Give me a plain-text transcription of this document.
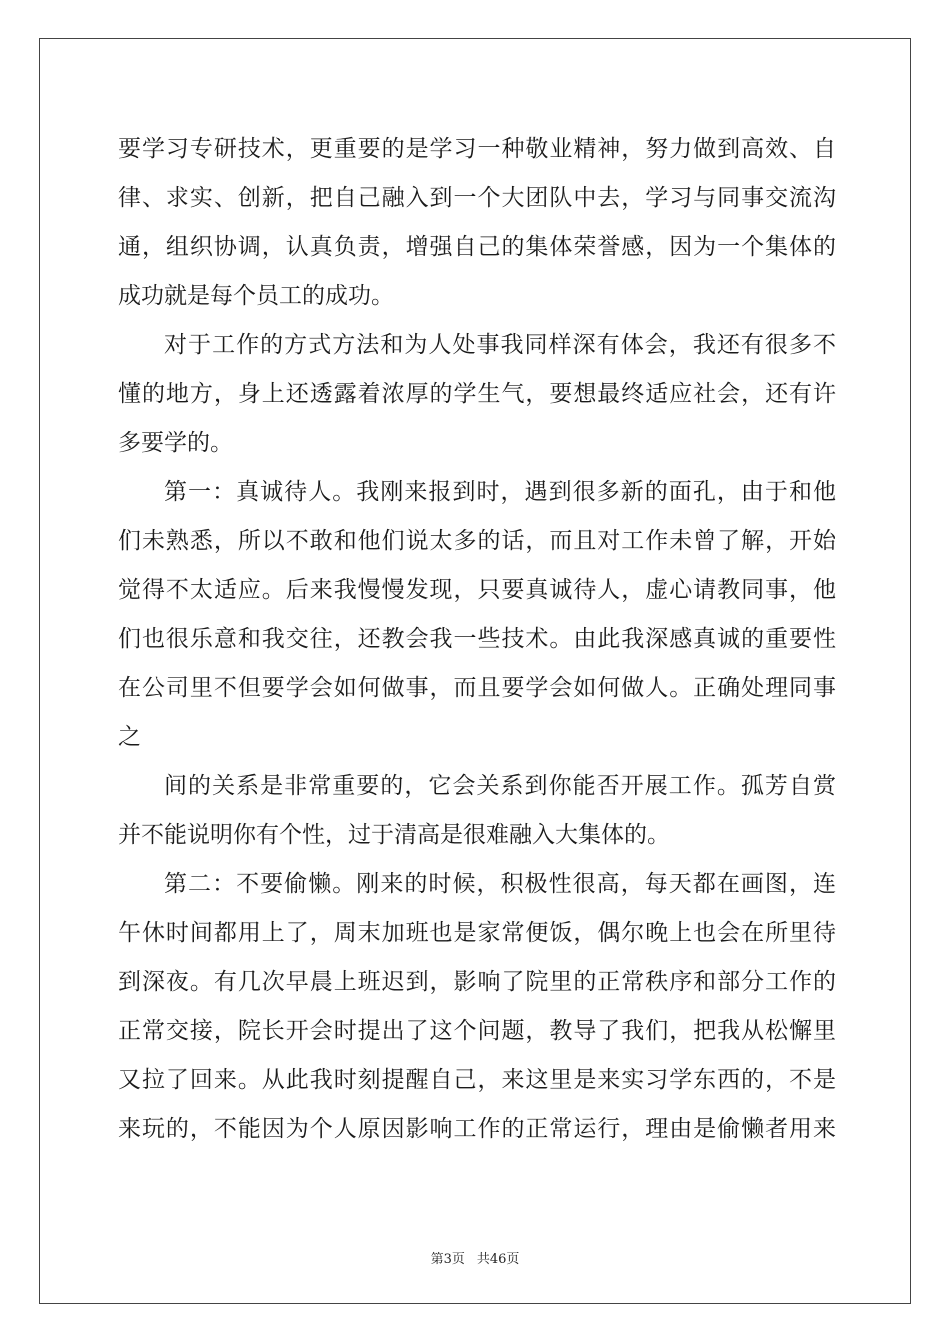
要学习专研技术，更重要的是学习一种敬业精神，努力做到高效、自
律、求实、创新，把自己融入到一个大团队中去，学习与同事交流沟
通，组织协调，认真负责，增强自己的集体荣誉感，因为一个集体的
成功就是每个员工的成功。
对于工作的方式方法和为人处事我同样深有体会，我还有很多不
懂的地方，身上还透露着浓厚的学生气，要想最终适应社会，还有许
多要学的。
第一：真诚待人。我刚来报到时，遇到很多新的面孔，由于和他
们未熟悉，所以不敢和他们说太多的话，而且对工作未曾了解，开始
觉得不太适应。后来我慢慢发现，只要真诚待人，虚心请教同事，他
们也很乐意和我交往，还教会我一些技术。由此我深感真诚的重要性
在公司里不但要学会如何做事，而且要学会如何做人。正确处理同事
之
间的关系是非常重要的，它会关系到你能否开展工作。孤芳自赏
并不能说明你有个性，过于清高是很难融入大集体的。
第二：不要偷懒。刚来的时候，积极性很高，每天都在画图，连
午休时间都用上了，周末加班也是家常便饭，偶尔晚上也会在所里待
到深夜。有几次早晨上班迟到，影响了院里的正常秩序和部分工作的
正常交接，院长开会时提出了这个问题，教导了我们，把我从松懈里
又拉了回来。从此我时刻提醒自己，来这里是来实习学东西的，不是
来玩的，不能因为个人原因影响工作的正常运行，理由是偷懒者用来
第3页 共46页
